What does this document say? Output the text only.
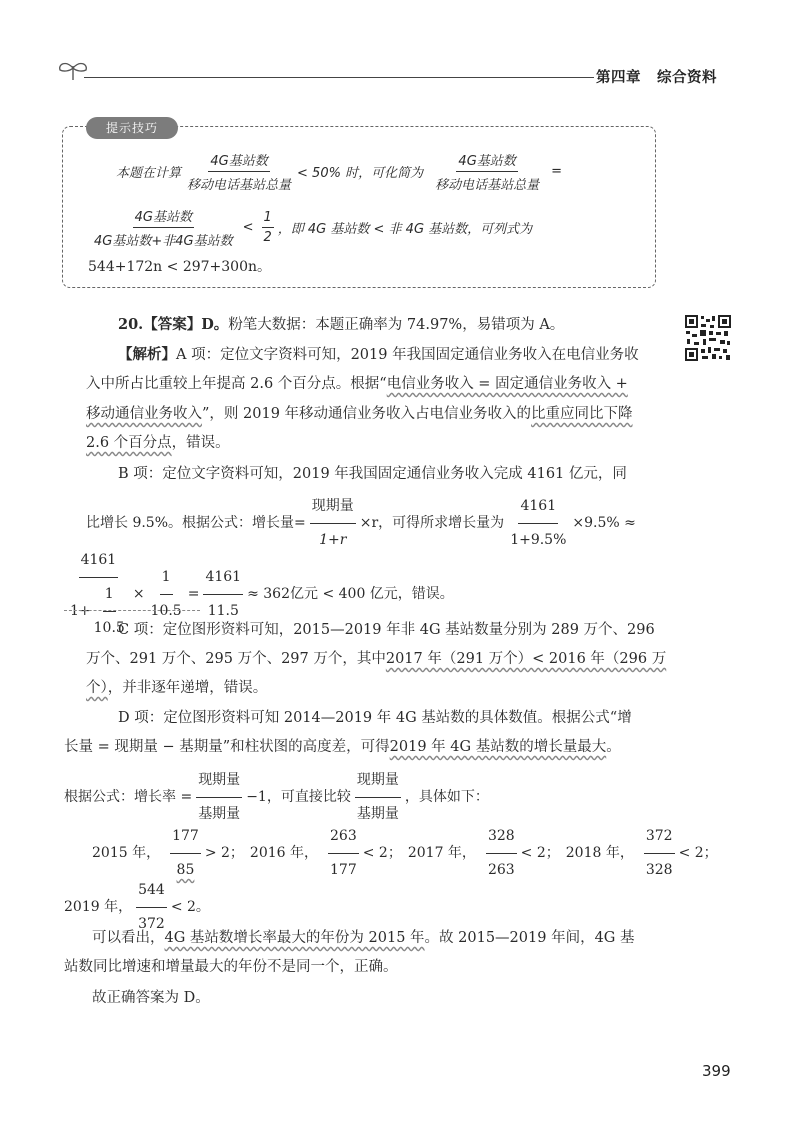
第四章 综合资料
提示技巧
本题在计算 $\frac{\text{4G基站数}}{\text{移动电话基站总量}} < 50\%$ 时，可化简为 $\frac{\text{4G基站数}}{\text{移动电话基站总量}}$ =
$\frac{\text{4G基站数}}{\text{4G基站数+非4G基站数}} < \frac{1}{2}$ ，即 4G 基站数 < 非 4G 基站数，可列式为
544+172n < 297+300n。
20.【答案】D。粉笔大数据：本题正确率为 74.97%，易错项为 A。
【解析】A 项：定位文字资料可知，2019 年我国固定通信业务收入在电信业务收
入中所占比重较上年提高 2.6 个百分点。根据“电信业务收入 = 固定通信业务收入 +
移动通信业务收入”，则 2019 年移动通信业务收入占电信业务收入的比重应同比下降
2.6 个百分点，错误。
B 项：定位文字资料可知，2019 年我国固定通信业务收入完成 4161 亿元，同
比增长 9.5%。根据公式：增长量= $\frac{\text{现期量}}{1+r} \times r$，可得所求增长量为 $\frac{4161}{1+9.5\%} \times 9.5\%$ ≈
$\frac{4161}{1+ \frac{1}{10.5}} \times \frac{1}{10.5} = \frac{4161}{11.5} \approx 362$亿元 < 400 亿元，错误。
C 项：定位图形资料可知，2015—2019 年非 4G 基站数量分别为 289 万个、296
万个、291 万个、295 万个、297 万个，其中2017 年（291 万个）< 2016 年（296 万
个），并非逐年递增，错误。
D 项：定位图形资料可知 2014—2019 年 4G 基站数的具体数值。根据公式“增
长量 = 现期量 − 基期量”和柱状图的高度差，可得2019 年 4G 基站数的增长量最大。
根据公式：增长率 = $\frac{\text{现期量}}{\text{基期量}} -1$，可直接比较 $\frac{\text{现期量}}{\text{基期量}}$ ，具体如下：
2015 年， $\frac{177}{85} > 2$； 2016 年， $\frac{263}{177} < 2$； 2017 年， $\frac{328}{263} < 2$； 2018 年， $\frac{372}{328} < 2$；
2019 年， $\frac{544}{372} < 2$。
可以看出，4G 基站数增长率最大的年份为 2015 年。故 2015—2019 年间，4G 基
站数同比增速和增量最大的年份不是同一个，正确。
故正确答案为 D。
399
